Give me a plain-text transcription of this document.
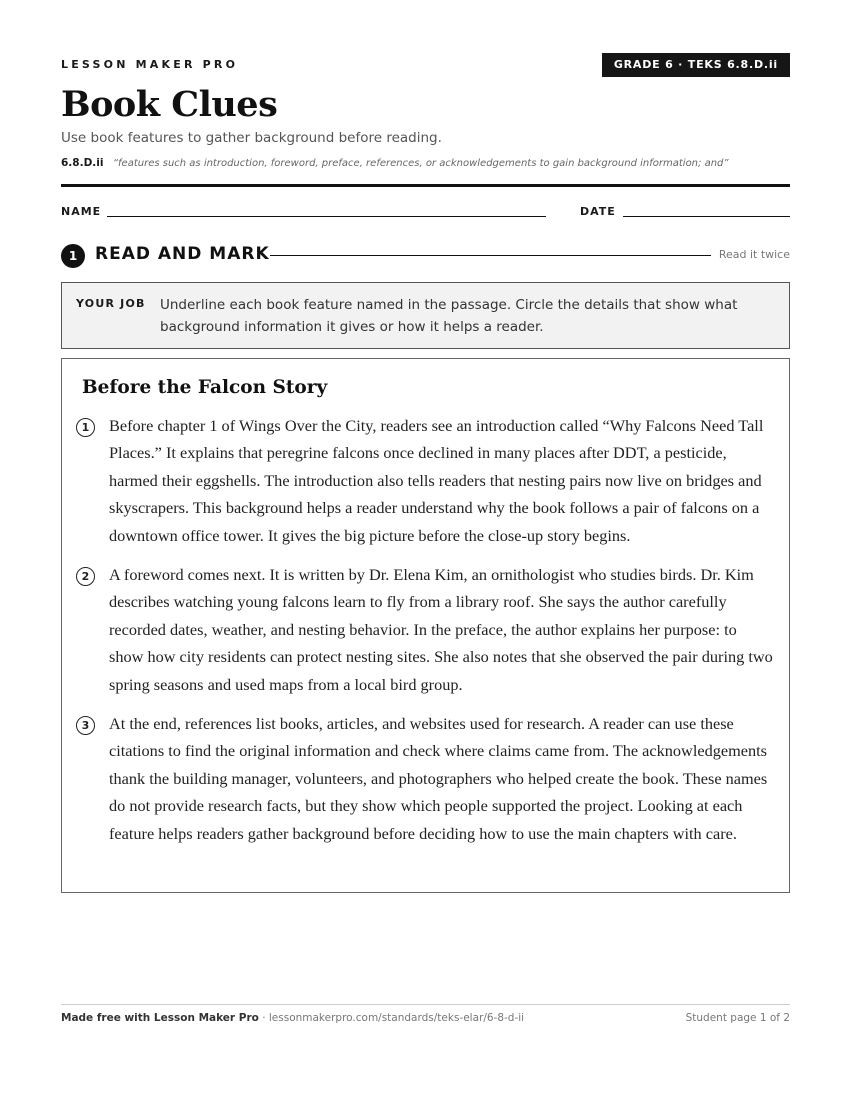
LESSON MAKER PRO	GRADE 6 · TEKS 6.8.D.ii
Book Clues
Use book features to gather background before reading.
6.8.D.ii “features such as introduction, foreword, preface, references, or acknowledgements to gain background information; and”
NAME	DATE
1	READ AND MARK	Read it twice
YOUR JOB Underline each book feature named in the passage. Circle the details that show what background information it gives or how it helps a reader.
Before the Falcon Story
1	Before chapter 1 of Wings Over the City, readers see an introduction called “Why Falcons Need Tall Places.” It explains that peregrine falcons once declined in many places after DDT, a pesticide, harmed their eggshells. The introduction also tells readers that nesting pairs now live on bridges and skyscrapers. This background helps a reader understand why the book follows a pair of falcons on a downtown office tower. It gives the big picture before the close-up story begins.
2	A foreword comes next. It is written by Dr. Elena Kim, an ornithologist who studies birds. Dr. Kim describes watching young falcons learn to fly from a library roof. She says the author carefully recorded dates, weather, and nesting behavior. In the preface, the author explains her purpose: to show how city residents can protect nesting sites. She also notes that she observed the pair during two spring seasons and used maps from a local bird group.
3	At the end, references list books, articles, and websites used for research. A reader can use these citations to find the original information and check where claims came from. The acknowledgements thank the building manager, volunteers, and photographers who helped create the book. These names do not provide research facts, but they show which people supported the project. Looking at each feature helps readers gather background before deciding how to use the main chapters with care.
Made free with Lesson Maker Pro · lessonmakerpro.com/standards/teks-elar/6-8-d-ii	Student page 1 of 2
